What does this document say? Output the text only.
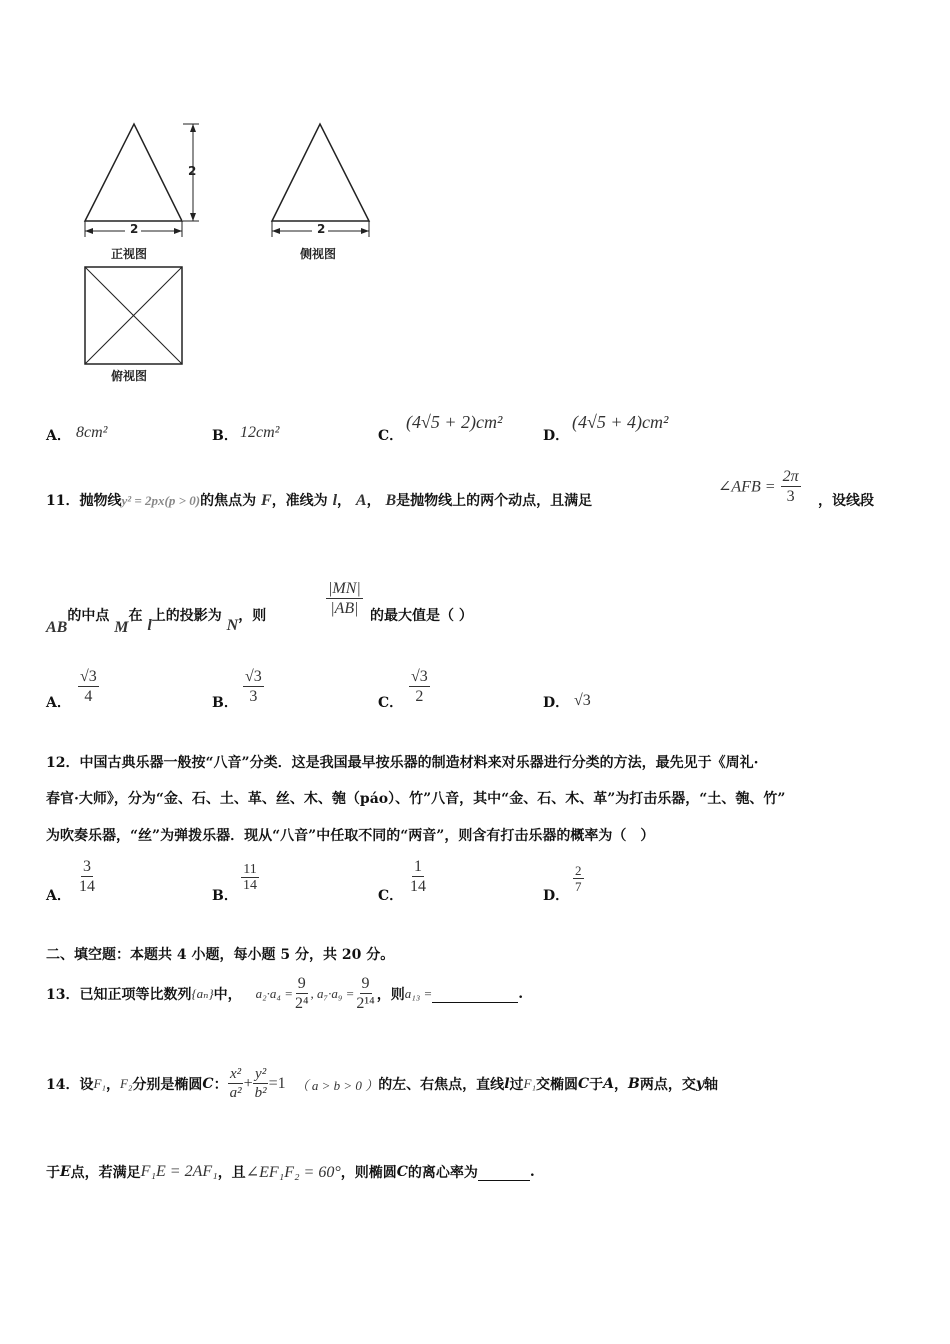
2	2
2
正视图	侧视图
俯视图
A． 8cm²	B． 12cm²	C．
(4√5 + 2)cm²
D．
(4√5 + 4)cm²
11．抛物线y² = 2px(p > 0)的焦点为 F，准线为 l， A， B是抛物线上的两个动点，且满足
∠AFB = $\frac{2\pi}{3}$ ，设线段
AB的中点 M在 l上的投影为 N，则	$\frac{|MN|}{|AB|}$ 的最大值是（ ）
A． $\frac{√3}{4}$	B． $\frac{√3}{3}$	C． $\frac{√3}{2}$	D． √3
12．中国古典乐器一般按“八音”分类．这是我国最早按乐器的制造材料来对乐器进行分类的方法，最先见于《周礼·
春官·大师》，分为“金、石、土、革、丝、木、匏（páo）、竹”八音，其中“金、石、木、革”为打击乐器，“土、匏、竹”
为吹奏乐器，“丝”为弹拨乐器．现从“八音”中任取不同的“两音”，则含有打击乐器的概率为（　）
A．
$\frac{3}{14}$
B．
$\frac{11}{14}$
C．
$\frac{1}{14}$
D．
$\frac{2}{7}$
二、填空题：本题共 4 小题，每小题 5 分，共 20 分。
13．已知正项等比数列 {aₙ} 中， $a_2\cdot a_4 = \frac{9}{\text{2⁴}}$ , $a_7\cdot a_9 = \frac{9}{\text{2¹⁴}}$ ，则 a₁₃ =	.
14．设 F₁ ， F₂ 分别是椭圆 C ： $\frac{\text{x²}}{\text{a²}} + \frac{\text{y²}}{\text{b²}} =1$ （ a > b > 0 ） 的左、右焦点，直线 l 过 F₁ 交椭圆 C 于 A ， B 两点，交 y 轴
于 E 点，若满足 F₁E = 2AF₁ ，且 ∠EF₁F₂ = 60° ，则椭圆 C 的离心率为	.
